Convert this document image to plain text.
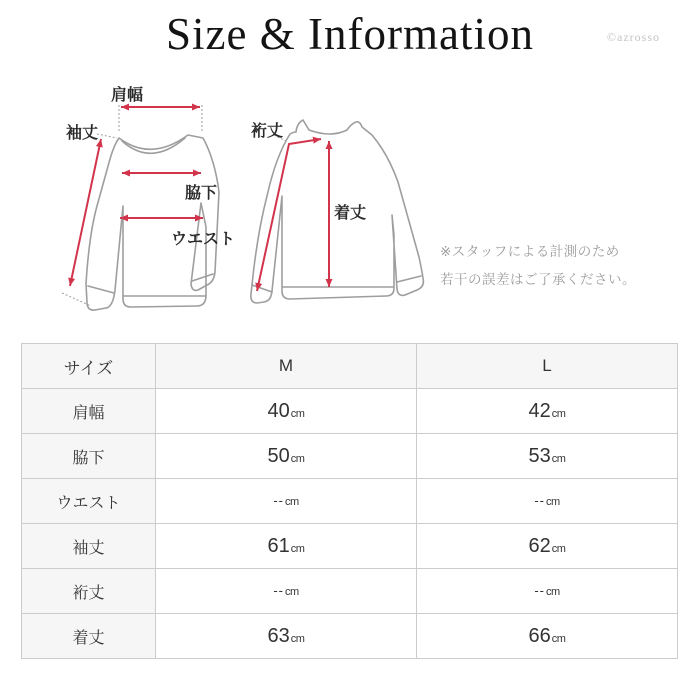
Size & Information	©azrosso
肩幅
袖丈
脇下
ウエスト
裄丈
着丈
※スタッフによる計測のため
若干の誤差はご了承ください。
サイズ	M	L
肩幅	40cm	42cm
脇下	50cm	53cm
ウエスト	--cm	--cm
袖丈	61cm	62cm
裄丈	--cm	--cm
着丈	63cm	66cm
